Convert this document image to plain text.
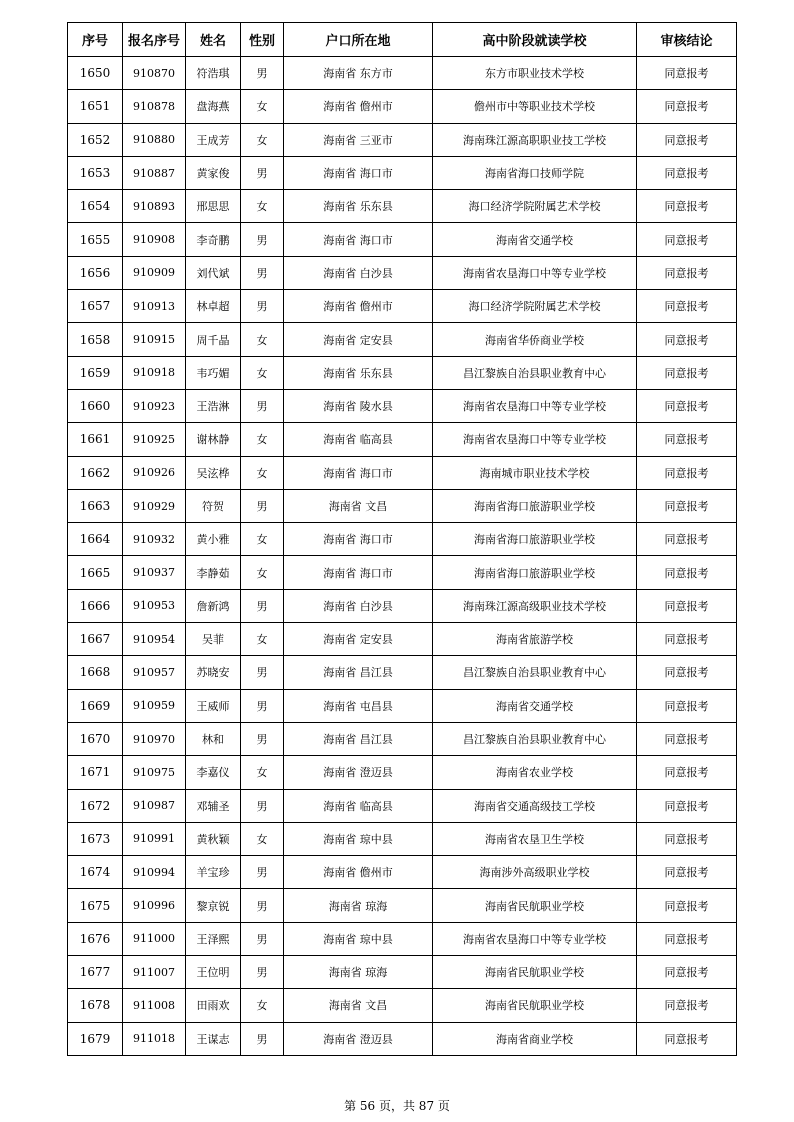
序号	报名序号	姓名	性别	户口所在地	高中阶段就读学校	审核结论
1650	910870	符浩琪	男	海南省 东方市	东方市职业技术学校	同意报考
1651	910878	盘海燕	女	海南省 儋州市	儋州市中等职业技术学校	同意报考
1652	910880	王成芳	女	海南省 三亚市	海南珠江源高职职业技工学校	同意报考
1653	910887	黄家俊	男	海南省 海口市	海南省海口技师学院	同意报考
1654	910893	邢思思	女	海南省 乐东县	海口经济学院附属艺术学校	同意报考
1655	910908	李奇鹏	男	海南省 海口市	海南省交通学校	同意报考
1656	910909	刘代斌	男	海南省 白沙县	海南省农垦海口中等专业学校	同意报考
1657	910913	林卓超	男	海南省 儋州市	海口经济学院附属艺术学校	同意报考
1658	910915	周千晶	女	海南省 定安县	海南省华侨商业学校	同意报考
1659	910918	韦巧媚	女	海南省 乐东县	昌江黎族自治县职业教育中心	同意报考
1660	910923	王浩淋	男	海南省 陵水县	海南省农垦海口中等专业学校	同意报考
1661	910925	谢林静	女	海南省 临高县	海南省农垦海口中等专业学校	同意报考
1662	910926	吴泫桦	女	海南省 海口市	海南城市职业技术学校	同意报考
1663	910929	符贺	男	海南省 文昌	海南省海口旅游职业学校	同意报考
1664	910932	黄小雅	女	海南省 海口市	海南省海口旅游职业学校	同意报考
1665	910937	李静茹	女	海南省 海口市	海南省海口旅游职业学校	同意报考
1666	910953	詹新鸿	男	海南省 白沙县	海南珠江源高级职业技术学校	同意报考
1667	910954	吴菲	女	海南省 定安县	海南省旅游学校	同意报考
1668	910957	苏晓安	男	海南省 昌江县	昌江黎族自治县职业教育中心	同意报考
1669	910959	王威师	男	海南省 屯昌县	海南省交通学校	同意报考
1670	910970	林和	男	海南省 昌江县	昌江黎族自治县职业教育中心	同意报考
1671	910975	李嘉仪	女	海南省 澄迈县	海南省农业学校	同意报考
1672	910987	邓辅圣	男	海南省 临高县	海南省交通高级技工学校	同意报考
1673	910991	黄秋颖	女	海南省 琼中县	海南省农垦卫生学校	同意报考
1674	910994	羊宝珍	男	海南省 儋州市	海南涉外高级职业学校	同意报考
1675	910996	黎京锐	男	海南省 琼海	海南省民航职业学校	同意报考
1676	911000	王泽熙	男	海南省 琼中县	海南省农垦海口中等专业学校	同意报考
1677	911007	王位明	男	海南省 琼海	海南省民航职业学校	同意报考
1678	911008	田雨欢	女	海南省 文昌	海南省民航职业学校	同意报考
1679	911018	王谋志	男	海南省 澄迈县	海南省商业学校	同意报考
第 56 页，共 87 页
